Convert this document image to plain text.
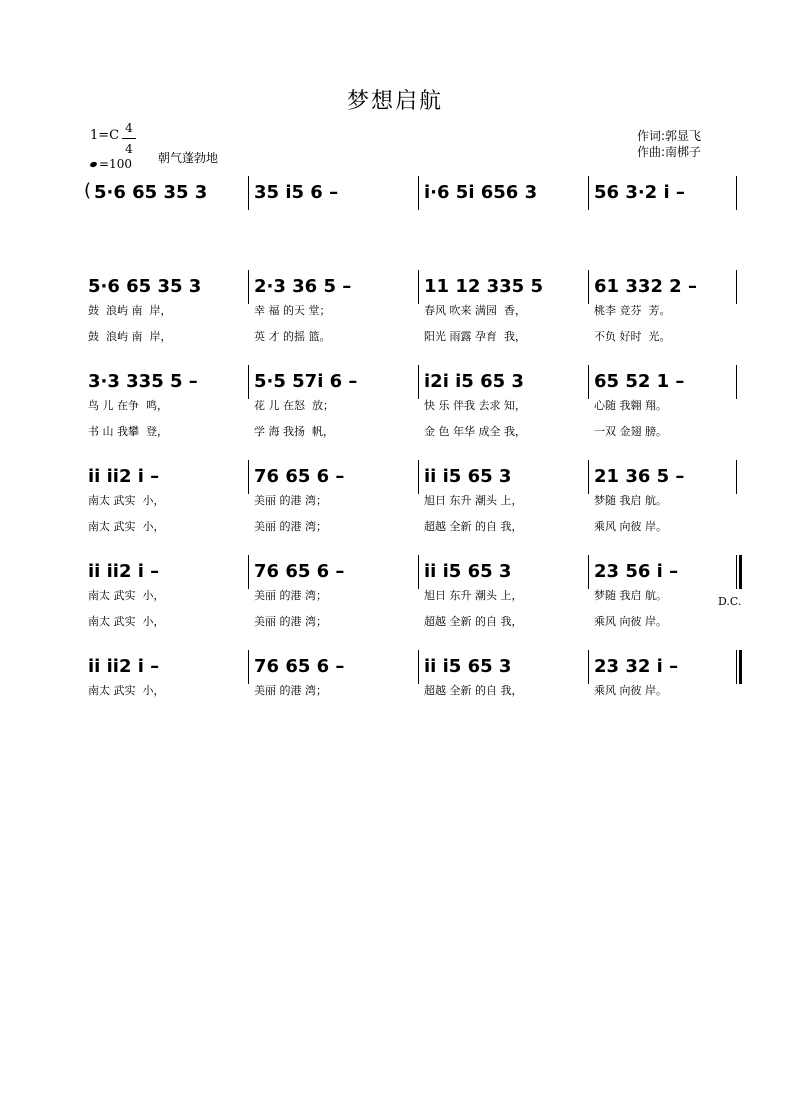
梦想启航
1=C 4
4
=100 朝气蓬勃地
作词:郭显飞
作曲:南梆子
( 5·6 65 35 3	35 i5 6 –	i·6 5i 656 3	56 3·2 i –
5·6 65 35 3	2·3 36 5 –	11 12 335 5	61 332 2 –
鼓  浪屿 南  岸，	幸 福 的天 堂；	春风 吹来 满园  香，	桃李 竞芬  芳。
鼓  浪屿 南  岸，	英 才 的摇 篮。	阳光 雨露 孕育  我，	不负 好时  光。
3·3 335 5 –	5·5 57i 6 –	i2i i5 65 3	65 52 1 –
鸟 儿 在争  鸣，	花 儿 在怒  放；	快 乐 伴我 去求 知，	心随 我翱 翔。
书 山 我攀  登，	学 海 我扬  帆，	金 色 年华 成全 我，	一双 金翅 膀。
ii ii2 i –	76 65 6 –	ii i5 65 3	21 36 5 –
南太 武实  小，	美丽 的港 湾；	旭日 东升 潮头 上，	梦随 我启 航。
南太 武实  小，	美丽 的港 湾；	超越 全新 的自 我，	乘风 向彼 岸。
ii ii2 i –	76 65 6 –	ii i5 65 3	23 56 i –
南太 武实  小，	美丽 的港 湾；	旭日 东升 潮头 上，	梦随 我启 航。
南太 武实  小，	美丽 的港 湾；	超越 全新 的自 我，	乘风 向彼 岸。
D.C.
ii ii2 i –	76 65 6 –	ii i5 65 3	23 32 i –
南太 武实  小，	美丽 的港 湾；	超越 全新 的自 我，	乘风 向彼 岸。
